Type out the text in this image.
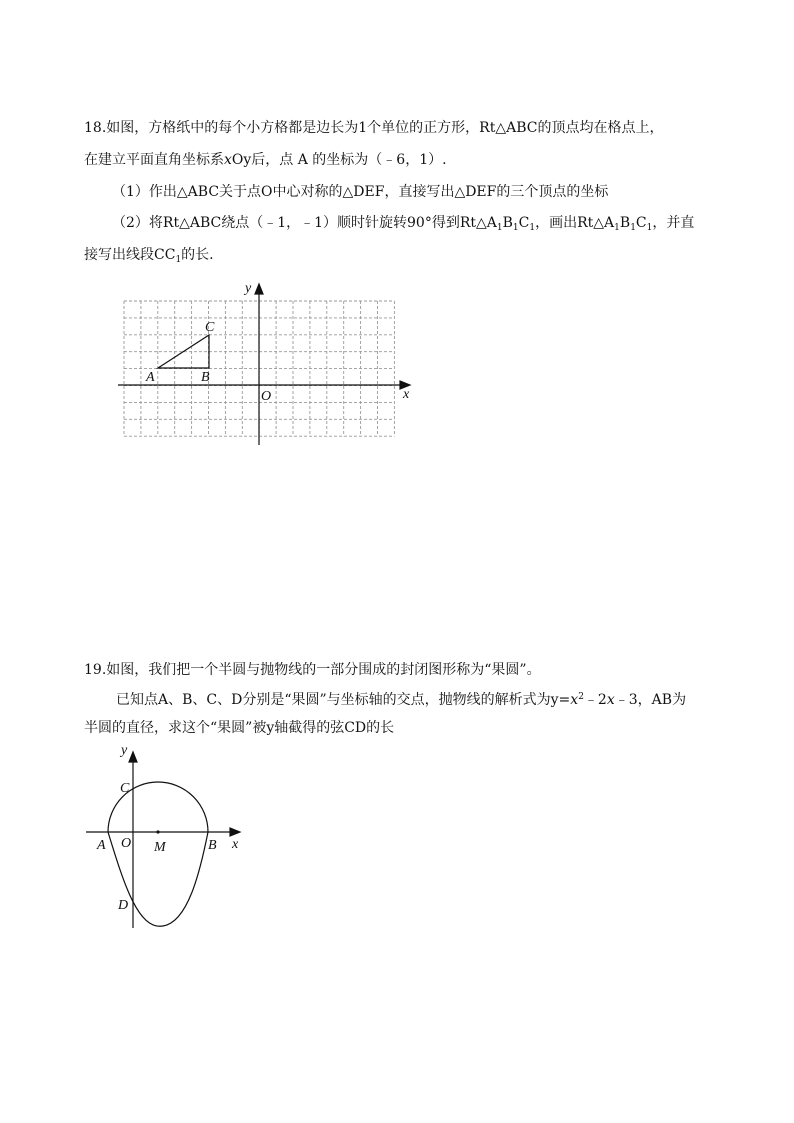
18.如图，方格纸中的每个小方格都是边长为1个单位的正方形，Rt△ABC的顶点均在格点上，
在建立平面直角坐标系xOy后，点 A 的坐标为（﹣6，1）.
（1）作出△ABC关于点O中心对称的△DEF，直接写出△DEF的三个顶点的坐标
（2）将Rt△ABC绕点（﹣1，﹣1）顺时针旋转90°得到$Rt\triangle A_1B_1C_1$，画出$Rt\triangle A_1B_1C_1$，并直
接写出线段$CC_1$的长.
y
x
O
A	B
C
19.如图，我们把一个半圆与抛物线的一部分围成的封闭图形称为“果圆”。
已知点A、B、C、D分别是“果圆”与坐标轴的交点，抛物线的解析式为$y=x^2﹣2x﹣3$，AB为
半圆的直径，求这个“果圆”被y轴截得的弦CD的长
y
x
O
A	B
C
D
M
